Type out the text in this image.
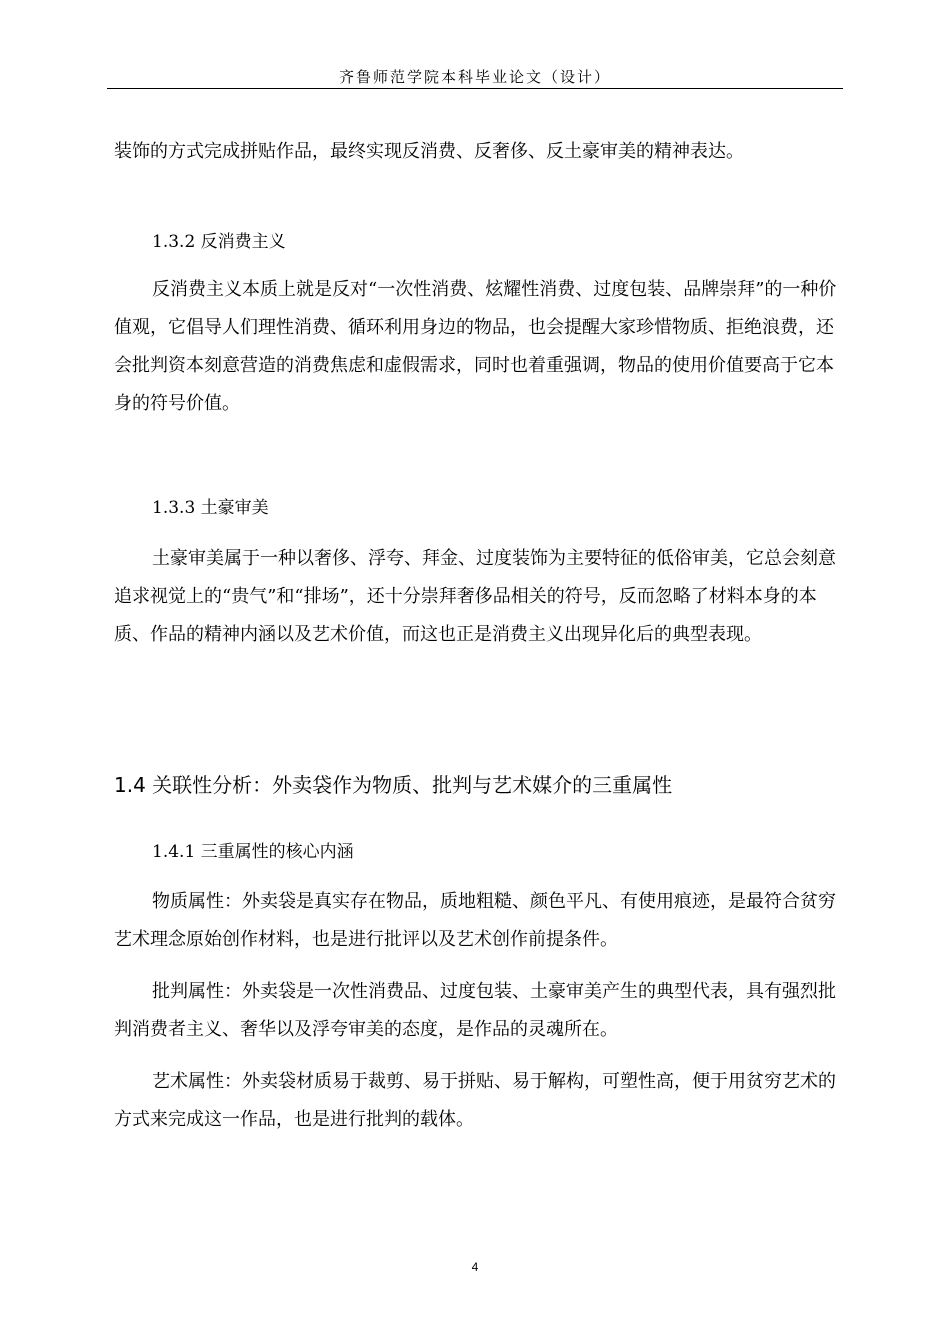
齐鲁师范学院本科毕业论文（设计）

装饰的方式完成拼贴作品，最终实现反消费、反奢侈、反土豪审美的精神表达。

1.3.2 反消费主义

反消费主义本质上就是反对“一次性消费、炫耀性消费、过度包装、品牌崇拜”的一种价值观，它倡导人们理性消费、循环利用身边的物品，也会提醒大家珍惜物质、拒绝浪费，还会批判资本刻意营造的消费焦虑和虚假需求，同时也着重强调，物品的使用价值要高于它本身的符号价值。

1.3.3 土豪审美

土豪审美属于一种以奢侈、浮夸、拜金、过度装饰为主要特征的低俗审美，它总会刻意追求视觉上的“贵气”和“排场”，还十分崇拜奢侈品相关的符号，反而忽略了材料本身的本质、作品的精神内涵以及艺术价值，而这也正是消费主义出现异化后的典型表现。

1.4 关联性分析：外卖袋作为物质、批判与艺术媒介的三重属性

1.4.1 三重属性的核心内涵

物质属性：外卖袋是真实存在物品，质地粗糙、颜色平凡、有使用痕迹，是最符合贫穷艺术理念原始创作材料，也是进行批评以及艺术创作前提条件。

批判属性：外卖袋是一次性消费品、过度包装、土豪审美产生的典型代表，具有强烈批判消费者主义、奢华以及浮夸审美的态度，是作品的灵魂所在。

艺术属性：外卖袋材质易于裁剪、易于拼贴、易于解构，可塑性高，便于用贫穷艺术的方式来完成这一作品，也是进行批判的载体。

4
